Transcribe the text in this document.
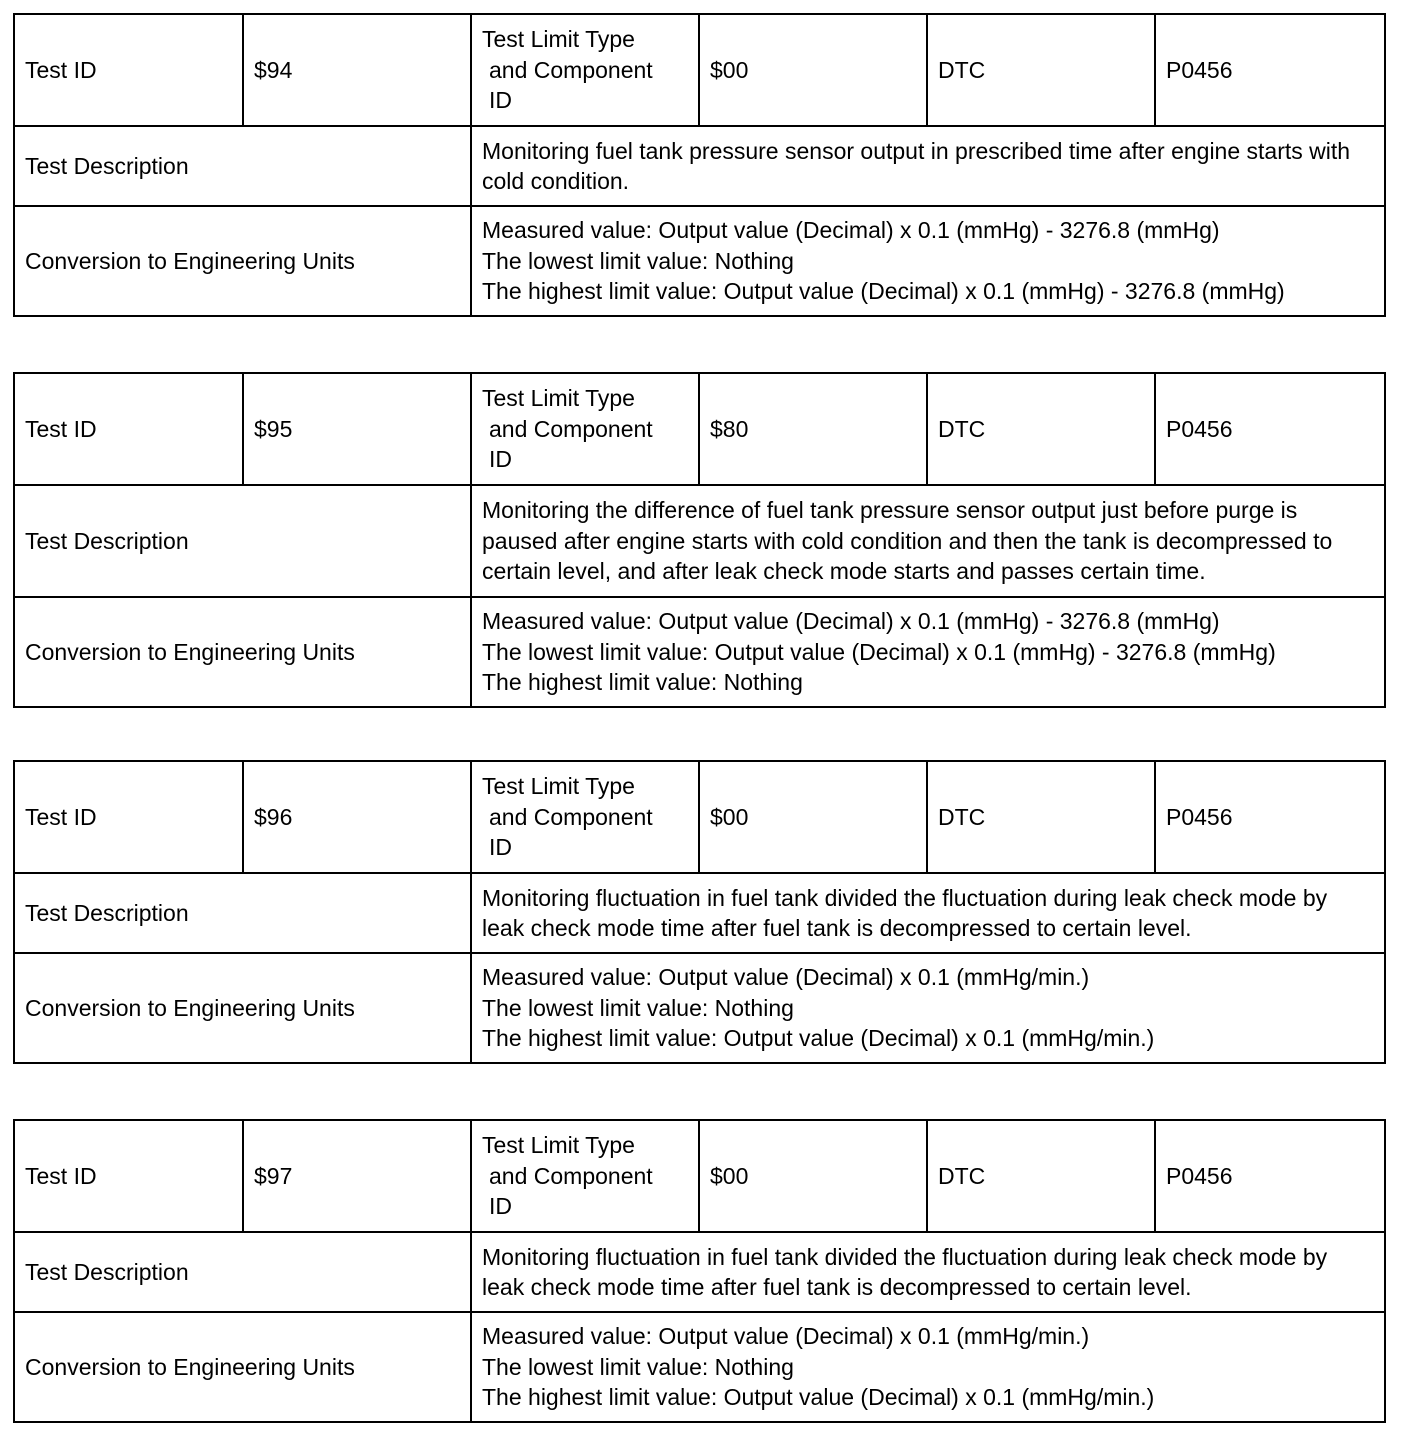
Test ID	$94	Test Limit Type
and Component
ID	$00	DTC	P0456
Test Description		Monitoring fuel tank pressure sensor output in prescribed time after engine starts with cold condition.			
Conversion to Engineering Units		Measured value: Output value (Decimal) x 0.1 (mmHg) - 3276.8 (mmHg)
The lowest limit value: Nothing
The highest limit value: Output value (Decimal) x 0.1 (mmHg) - 3276.8 (mmHg)			
Test ID	$95	Test Limit Type
and Component
ID	$80	DTC	P0456
Test Description		Monitoring the difference of fuel tank pressure sensor output just before purge is paused after engine starts with cold condition and then the tank is decompressed to certain level, and after leak check mode starts and passes certain time.			
Conversion to Engineering Units		Measured value: Output value (Decimal) x 0.1 (mmHg) - 3276.8 (mmHg)
The lowest limit value: Output value (Decimal) x 0.1 (mmHg) - 3276.8 (mmHg)
The highest limit value: Nothing			
Test ID	$96	Test Limit Type
and Component
ID	$00	DTC	P0456
Test Description		Monitoring fluctuation in fuel tank divided the fluctuation during leak check mode by leak check mode time after fuel tank is decompressed to certain level.			
Conversion to Engineering Units		Measured value: Output value (Decimal) x 0.1 (mmHg/min.)
The lowest limit value: Nothing
The highest limit value: Output value (Decimal) x 0.1 (mmHg/min.)			
Test ID	$97	Test Limit Type
and Component
ID	$00	DTC	P0456
Test Description		Monitoring fluctuation in fuel tank divided the fluctuation during leak check mode by leak check mode time after fuel tank is decompressed to certain level.			
Conversion to Engineering Units		Measured value: Output value (Decimal) x 0.1 (mmHg/min.)
The lowest limit value: Nothing
The highest limit value: Output value (Decimal) x 0.1 (mmHg/min.)			
